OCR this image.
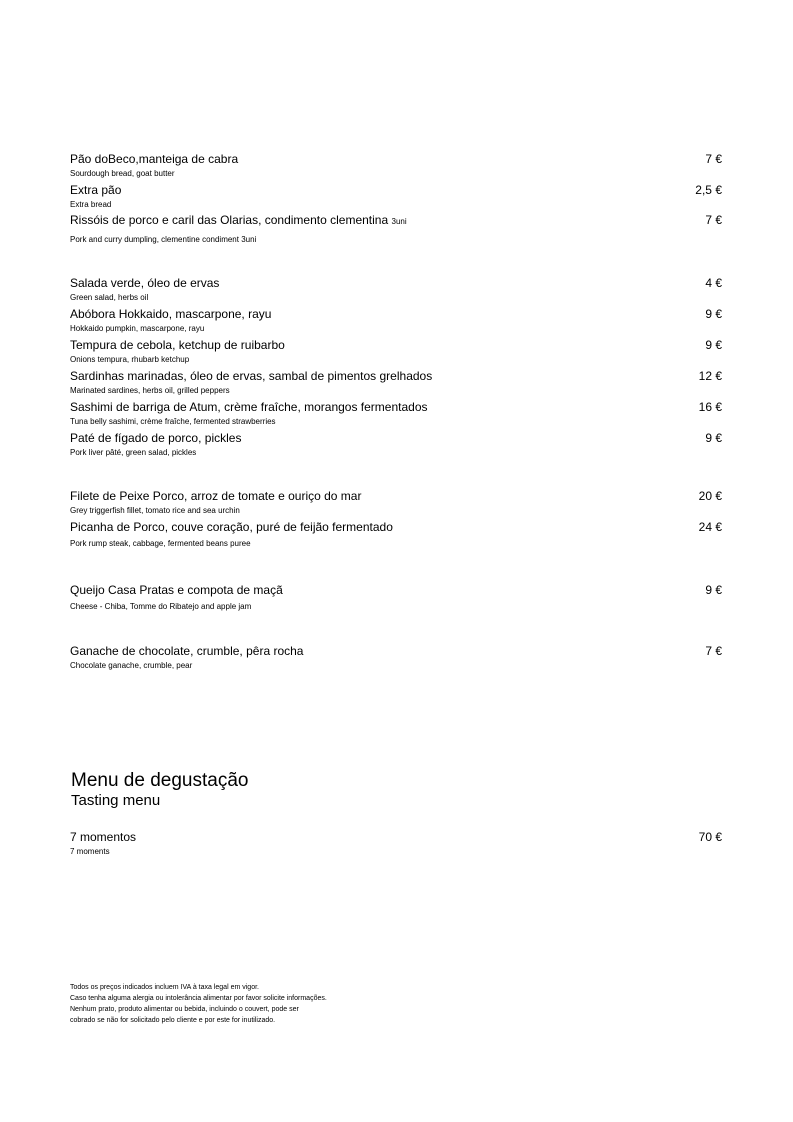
Pão doBeco,manteiga de cabra	7 €
Sourdough bread, goat butter
Extra pão	2,5 €
Extra bread
Rissóis de porco e caril das Olarias, condimento clementina 3uni	7 €
Pork and curry dumpling, clementine condiment 3uni
Salada verde, óleo de ervas	4 €
Green salad, herbs oil
Abóbora Hokkaido, mascarpone, rayu	9 €
Hokkaido pumpkin, mascarpone, rayu
Tempura de cebola, ketchup de ruibarbo	9 €
Onions tempura, rhubarb ketchup
Sardinhas marinadas, óleo de ervas, sambal de pimentos grelhados	12 €
Marinated sardines, herbs oil, grilled peppers
Sashimi de barriga de Atum, crème fraîche, morangos fermentados	16 €
Tuna belly sashimi, crème fraîche, fermented strawberries
Paté de fígado de porco, pickles	9 €
Pork liver pâté, green salad, pickles
Filete de Peixe Porco, arroz de tomate e ouriço do mar	20 €
Grey triggerfish fillet, tomato rice and sea urchin
Picanha de Porco, couve coração, puré de feijão fermentado	24 €
Pork rump steak, cabbage, fermented beans puree
Queijo Casa Pratas e compota de maçã	9 €
Cheese - Chiba, Tomme do Ribatejo and apple jam
Ganache de chocolate, crumble, pêra rocha	7 €
Chocolate ganache, crumble, pear
Menu de degustação
Tasting menu
7 momentos	70 €
7 moments
Todos os preços indicados incluem IVA à taxa legal em vigor.
Caso tenha alguma alergia ou intolerância alimentar por favor solicite informações.
Nenhum prato, produto alimentar ou bebida, incluindo o couvert, pode ser
cobrado se não for solicitado pelo cliente e por este for inutilizado.
